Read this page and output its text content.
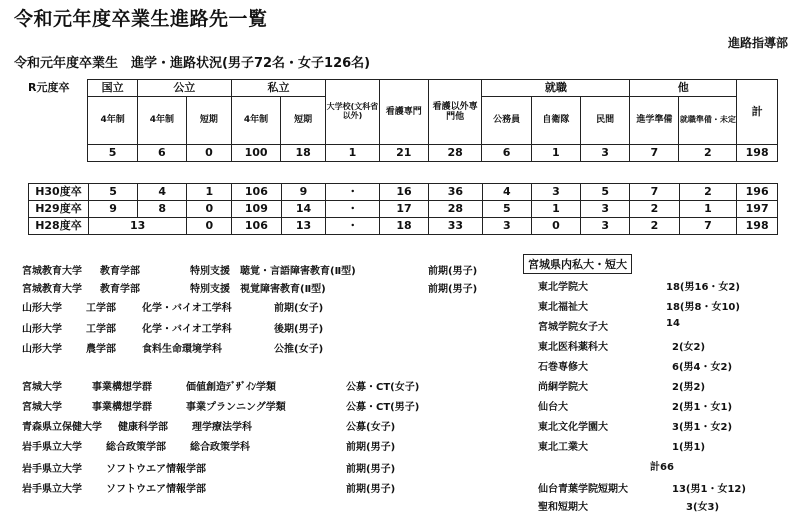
令和元年度卒業生進路先一覧
進路指導部
令和元年度卒業生　進学・進路状況(男子72名・女子126名)
R元度卒	国立	公立		私立		大学校(文科省以外)	看護専門	看護以外専門他	就職			他		計
	4年制	4年制	短期	4年制	短期				公務員	自衛隊	民間	進学準備	就職準備・未定	
	5	6	0	100	18	1	21	28	6	1	3	7	2	198
H30度卒	5	4	1	106	9	・	16	36	4	3	5	7	2	196
H29度卒	9	8	0	109	14	・	17	28	5	1	3	2	1	197
H28度卒	13		0	106	13	・	18	33	3	0	3	2	7	198
宮城教育大学 教育学部	特別支援　聴覚・言語障害教育(Ⅱ型)	前期(男子)
宮城教育大学 教育学部	特別支援　視覚障害教育(Ⅱ型)	前期(男子)
山形大学 工学部	化学・バイオ工学科	前期(女子)
山形大学 工学部	化学・バイオ工学科	後期(男子)
山形大学 農学部	食料生命環境学科	公推(女子)
宮城大学	事業構想学群	価値創造ﾃﾞｻﾞｲﾝ学類	公募・CT(女子)
宮城大学	事業構想学群	事業プランニング学類	公募・CT(男子)
青森県立保健大学 健康科学部 理学療法学科	公募(女子)
岩手県立大学 総合政策学部 総合政策学科	前期(男子)
岩手県立大学 ソフトウエア情報学部	前期(男子)
岩手県立大学 ソフトウエア情報学部	前期(男子)
宮城県内私大・短大
東北学院大	18(男16・女2)
東北福祉大	18(男8・女10)
宮城学院女子大	14
東北医科薬科大	2(女2)
石巻専修大	6(男4・女2)
尚絅学院大	2(男2)
仙台大	2(男1・女1)
東北文化学園大	3(男1・女2)
東北工業大	1(男1)
計66
仙台青葉学院短期大	13(男1・女12)
聖和短期大	3(女3)
